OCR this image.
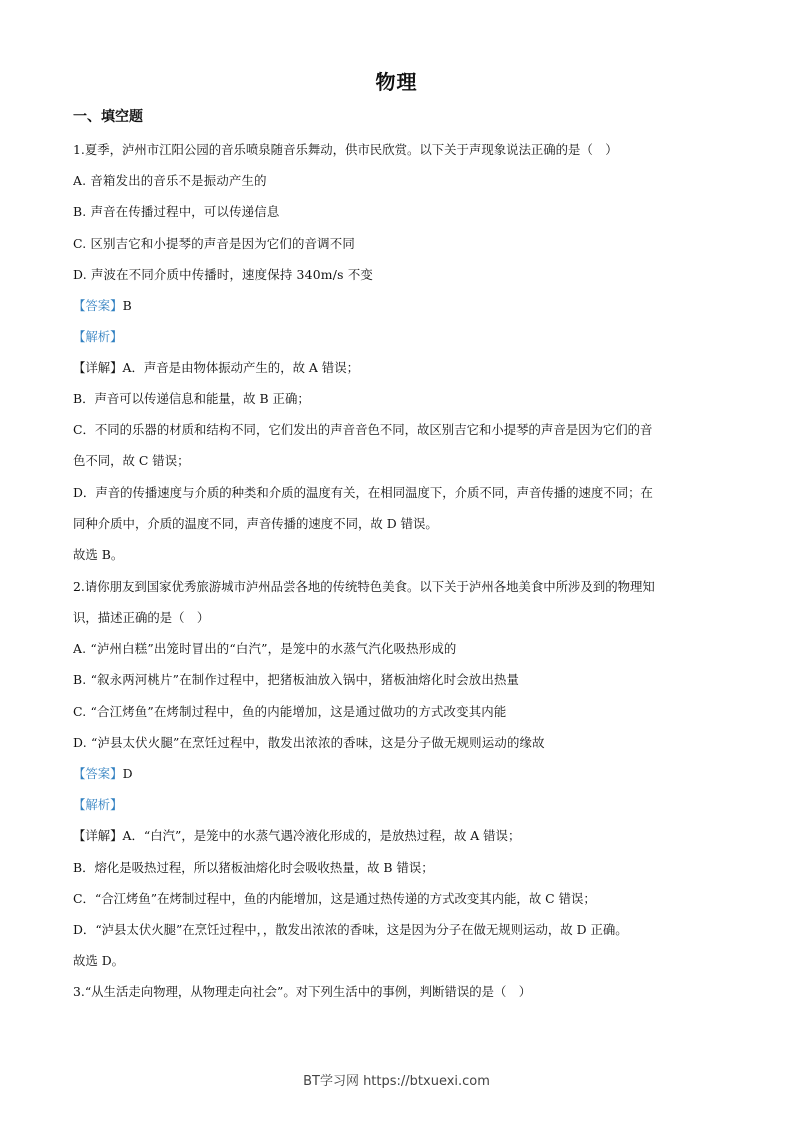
物理
一、填空题
1.夏季，泸州市江阳公园的音乐喷泉随音乐舞动，供市民欣赏。以下关于声现象说法正确的是（　）
A. 音箱发出的音乐不是振动产生的
B. 声音在传播过程中，可以传递信息
C. 区别吉它和小提琴的声音是因为它们的音调不同
D. 声波在不同介质中传播时，速度保持 340m/s 不变
【答案】B
【解析】
【详解】A．声音是由物体振动产生的，故 A 错误；
B．声音可以传递信息和能量，故 B 正确；
C．不同的乐器的材质和结构不同，它们发出的声音音色不同，故区别吉它和小提琴的声音是因为它们的音
色不同，故 C 错误；
D．声音的传播速度与介质的种类和介质的温度有关，在相同温度下，介质不同，声音传播的速度不同；在
同种介质中，介质的温度不同，声音传播的速度不同，故 D 错误。
故选 B。
2.请你朋友到国家优秀旅游城市泸州品尝各地的传统特色美食。以下关于泸州各地美食中所涉及到的物理知
识，描述正确的是（　）
A. “泸州白糕”出笼时冒出的“白汽”，是笼中的水蒸气汽化吸热形成的
B. “叙永两河桃片”在制作过程中，把猪板油放入锅中，猪板油熔化时会放出热量
C. “合江烤鱼”在烤制过程中，鱼的内能增加，这是通过做功的方式改变其内能
D. “泸县太伏火腿”在烹饪过程中，散发出浓浓的香味，这是分子做无规则运动的缘故
【答案】D
【解析】
【详解】A．“白汽”，是笼中的水蒸气遇冷液化形成的，是放热过程，故 A 错误；
B．熔化是吸热过程，所以猪板油熔化时会吸收热量，故 B 错误；
C．“合江烤鱼”在烤制过程中，鱼的内能增加，这是通过热传递的方式改变其内能，故 C 错误；
D．“泸县太伏火腿”在烹饪过程中，，散发出浓浓的香味，这是因为分子在做无规则运动，故 D 正确。
故选 D。
3.“从生活走向物理，从物理走向社会”。对下列生活中的事例，判断错误的是（　）
BT学习网 https://btxuexi.com
